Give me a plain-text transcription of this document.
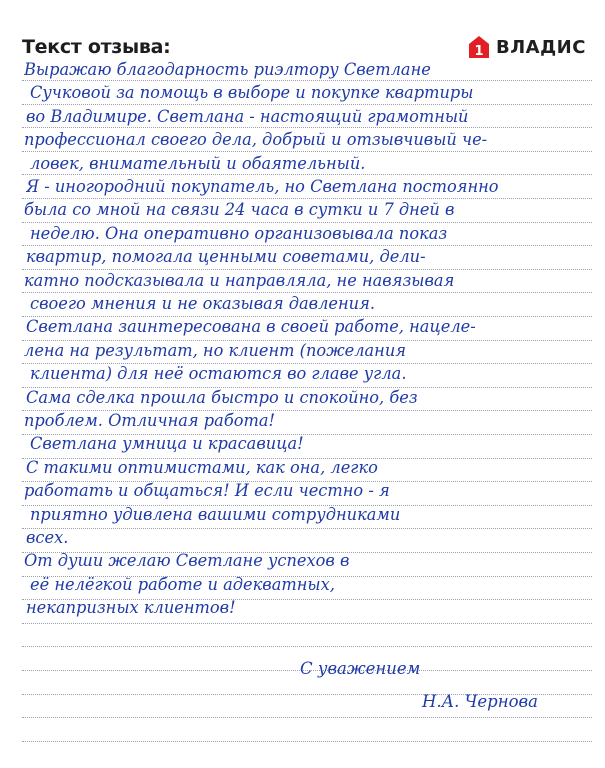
Текст отзыва:	1 ВЛАДИС
Выражаю благодарность риэлтору Светлане
Сучковой за помощь в выборе и покупке квартиры
во Владимире. Светлана - настоящий грамотный
профессионал своего дела, добрый и отзывчивый че-
ловек, внимательный и обаятельный.
Я - иногородний покупатель, но Светлана постоянно
была со мной на связи 24 часа в сутки и 7 дней в
неделю. Она оперативно организовывала показ
квартир, помогала ценными советами, дели-
катно подсказывала и направляла, не навязывая
своего мнения и не оказывая давления.
Светлана заинтересована в своей работе, нацеле-
лена на результат, но клиент (пожелания
клиента) для неё остаются во главе угла.
Сама сделка прошла быстро и спокойно, без
проблем. Отличная работа!
Светлана умница и красавица!
С такими оптимистами, как она, легко
работать и общаться! И если честно - я
приятно удивлена вашими сотрудниками
всех.
От души желаю Светлане успехов в
её нелёгкой работе и адекватных,
некапризных клиентов!
С уважением
Н.А. Чернова
